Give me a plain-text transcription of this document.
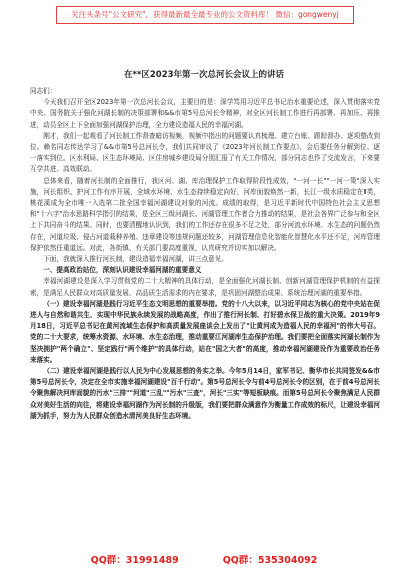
关注头条号"公文研究"，获得最新最全最专业的公文资料库！ 微信：gongwenyj
在**区2023年第一次总河长会议上的讲话

同志们：

今天我们召开全区2023年第一次总河长会议，主要目的是：深学笃用习近平总书记治水重要论述，深入贯彻落实党中央、国务院关于强化河湖长制的决策部署和&&市第5号总河长令精神，对全区河长制工作进行再部署、再加压、再推进，动员全区上下全面加强河湖保护治理，全力建设造福人民的幸福河湖。

刚才，我们一起观看了河长制工作督查暗访视频，视频中指出的问题要认真梳理、建立台账、跟踪督办、逐项整改到位。赖名同志传达学习了&&市第5号总河长令，我们共同审议了《2023年河长制工作要点》，会后要任务分解到位、逐一落实到位。区水利局、区生态环境局、区住房城乡建设局分别汇报了有关工作情况，部分同志也作了交流发言，下来要互学共进、高效联动。

总体来看，随着河长制的全面推行，我区河、湖、库治理保护工作取得阶段性成效，"一河一长""一河一策"深入实施，河长组织、护河工作有序开展，全域水环境、水生态持续稳定向好，河库面貌焕然一新，长江一级水质稳定在Ⅱ类，桃花溪成为全市唯一入选第二批全国幸福河湖建设对象的河流。成绩的取得，是习近平新时代中国特色社会主义思想和"十六字"治水思路科学指引的结果，是全区三级河湖长、河湖管理工作者合力推动的结果，是社会各界广泛参与和全区上下共同奋斗的结果。同时，也要清醒地认识到，我们的工作还存在很多不足之处，部分河流水环境、水生态的问题仍然存在，河道垃圾、侵占河道栽种养殖、违章建设等违规问题还较多，河湖管理信息化智能化智慧化水平还不足，河库管理保护依然任重道远。对此，各街镇、有关部门要高度重视，认真研究并切实加以解决。

下面，我就深入推行河长制，建设造福幸福河湖，讲三点意见。

一、提高政治站位，深刻认识建设幸福河湖的重要意义

幸福河湖建设是深入学习贯彻党的二十大精神的具体行动，是全面强化河湖长制、创新河湖管理保护机制的有益探索，是满足人民群众对高质量发展、高品质生活需求的内在要求，是巩固河湖整治成果、系统治理河湖的重要举措。

（一）建设幸福河湖是践行习近平生态文明思想的重要举措。党的十八大以来，以习近平同志为核心的党中央站在促进人与自然和谐共生、实现中华民族永续发展的战略高度，作出了推行河长制、打好碧水保卫战的重大决策。2019年9月18日，习近平总书记在黄河流域生态保护和高质量发展座谈会上发出了"让黄河成为造福人民的幸福河"的伟大号召。党的二十大要求，统筹水资源、水环境、水生态治理，推动重要江河湖库生态保护治理。我们要把全面落实河湖长制作为坚决拥护"两个确立"、坚定践行"两个维护"的具体行动，站在"国之大者"的高度，推动幸福河湖建设作为重要政治任务来落实。

（二）建设幸福河湖是践行以人民为中心发展思想的务实之举。今年5月14日，家军书记、衡华市长共同签发&&市第5号总河长令，决定在全市实施幸福河湖建设"百千行动"。第5号总河长令与前4号总河长令的区别，在于前4号总河长令聚焦解决河库面貌的污水"三排""河道"三乱""污水"三查"，河长"三实"等短板缺痕。而第5号总河长令聚焦满足人民群众对美好生活的向往，将建设幸福河湖作为河长制的升级版，我们要把群众满意作为衡量工作成效的标尺，让建设幸福河湖为抓手，努力为人民群众创造水清河美良好生态环境。

QQ群：31991489	QQ群：535304092
